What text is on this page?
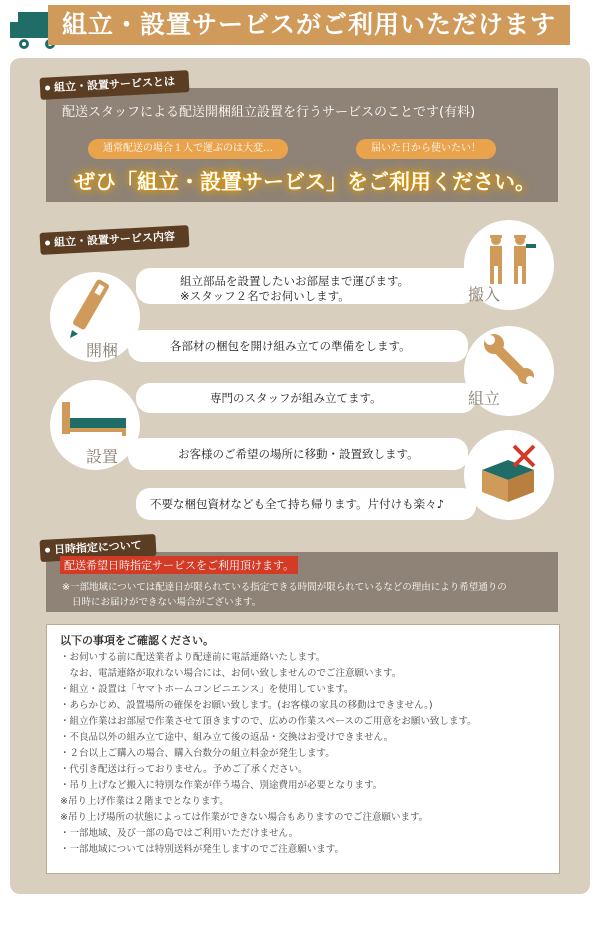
組立・設置サービスがご利用いただけます
組立・設置サービスとは
配送スタッフによる配送開梱組立設置を行うサービスのことです(有料)
通常配送の場合１人で運ぶのは大変…	届いた日から使いたい！
ぜひ「組立・設置サービス」をご利用ください。
組立・設置サービス内容
組立部品を設置したいお部屋まで運びます。
※スタッフ２名でお伺いします。	搬入
開梱	各部材の梱包を開け組み立ての準備をします。
専門のスタッフが組み立てます。	組立
設置	お客様のご希望の場所に移動・設置致します。
不要な梱包資材なども全て持ち帰ります。片付けも楽々♪
日時指定について
配送希望日時指定サービスをご利用頂けます。
※一部地域については配達日が限られている指定できる時間が限られているなどの理由により希望通りの
日時にお届けができない場合がございます。
以下の事項をご確認ください。
・お伺いする前に配送業者より配達前に電話連絡いたします。
　なお、電話連絡が取れない場合には、お伺い致しませんのでご注意願います。
・組立・設置は「ヤマトホームコンビニエンス」を使用しています。
・あらかじめ、設置場所の確保をお願い致します。(お客様の家具の移動はできません。)
・組立作業はお部屋で作業させて頂きますので、広めの作業スペースのご用意をお願い致します。
・不良品以外の組み立て途中、組み立て後の返品・交換はお受けできません。
・２台以上ご購入の場合、購入台数分の組立料金が発生します。
・代引き配送は行っておりません。予めご了承ください。
・吊り上げなど搬入に特別な作業が伴う場合、別途費用が必要となります。
※吊り上げ作業は２階までとなります。
※吊り上げ場所の状態によっては作業ができない場合もありますのでご注意願います。
・一部地域、及び一部の島ではご利用いただけません。
・一部地域については特別送料が発生しますのでご注意願います。
